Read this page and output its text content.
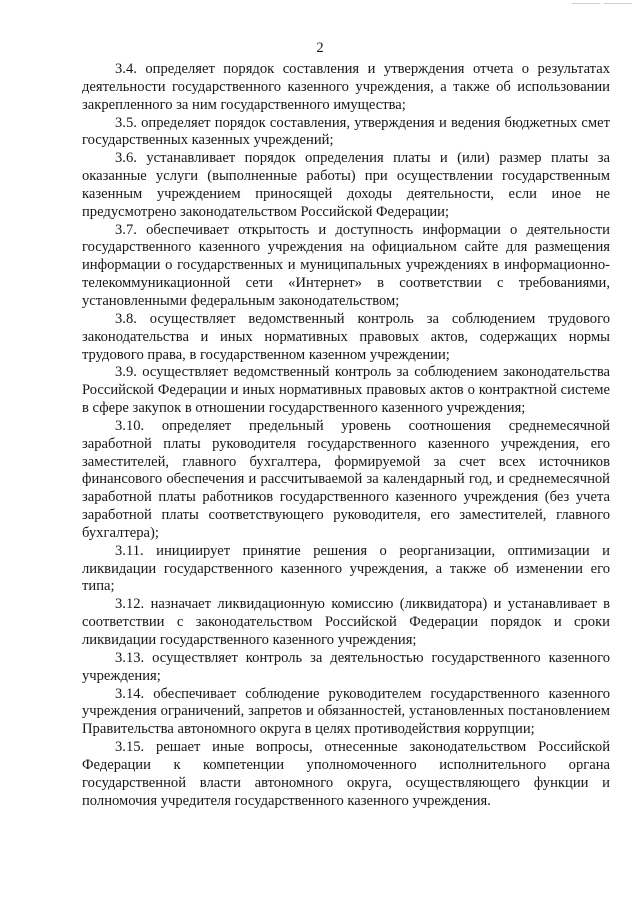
2

3.4. определяет порядок составления и утверждения отчета о результатах деятельности государственного казенного учреждения, а также об использовании закрепленного за ним государственного имущества;

3.5. определяет порядок составления, утверждения и ведения бюджетных смет государственных казенных учреждений;

3.6. устанавливает порядок определения платы и (или) размер платы за оказанные услуги (выполненные работы) при осуществлении государственным казенным учреждением приносящей доходы деятельности, если иное не предусмотрено законодательством Российской Федерации;

3.7. обеспечивает открытость и доступность информации о деятельности государственного казенного учреждения на официальном сайте для размещения информации о государственных и муниципальных учреждениях в информационно-телекоммуникационной сети «Интернет» в соответствии с требованиями, установленными федеральным законодательством;

3.8. осуществляет ведомственный контроль за соблюдением трудового законодательства и иных нормативных правовых актов, содержащих нормы трудового права, в государственном казенном учреждении;

3.9. осуществляет ведомственный контроль за соблюдением законодательства Российской Федерации и иных нормативных правовых актов о контрактной системе в сфере закупок в отношении государственного казенного учреждения;

3.10. определяет предельный уровень соотношения среднемесячной заработной платы руководителя государственного казенного учреждения, его заместителей, главного бухгалтера, формируемой за счет всех источников финансового обеспечения и рассчитываемой за календарный год, и среднемесячной заработной платы работников государственного казенного учреждения (без учета заработной платы соответствующего руководителя, его заместителей, главного бухгалтера);

3.11. инициирует принятие решения о реорганизации, оптимизации и ликвидации государственного казенного учреждения, а также об изменении его типа;

3.12. назначает ликвидационную комиссию (ликвидатора) и устанавливает в соответствии с законодательством Российской Федерации порядок и сроки ликвидации государственного казенного учреждения;

3.13. осуществляет контроль за деятельностью государственного казенного учреждения;

3.14. обеспечивает соблюдение руководителем государственного казенного учреждения ограничений, запретов и обязанностей, установленных постановлением Правительства автономного округа в целях противодействия коррупции;

3.15. решает иные вопросы, отнесенные законодательством Российской Федерации к компетенции уполномоченного исполнительного органа государственной власти автономного округа, осуществляющего функции и полномочия учредителя государственного казенного учреждения.
